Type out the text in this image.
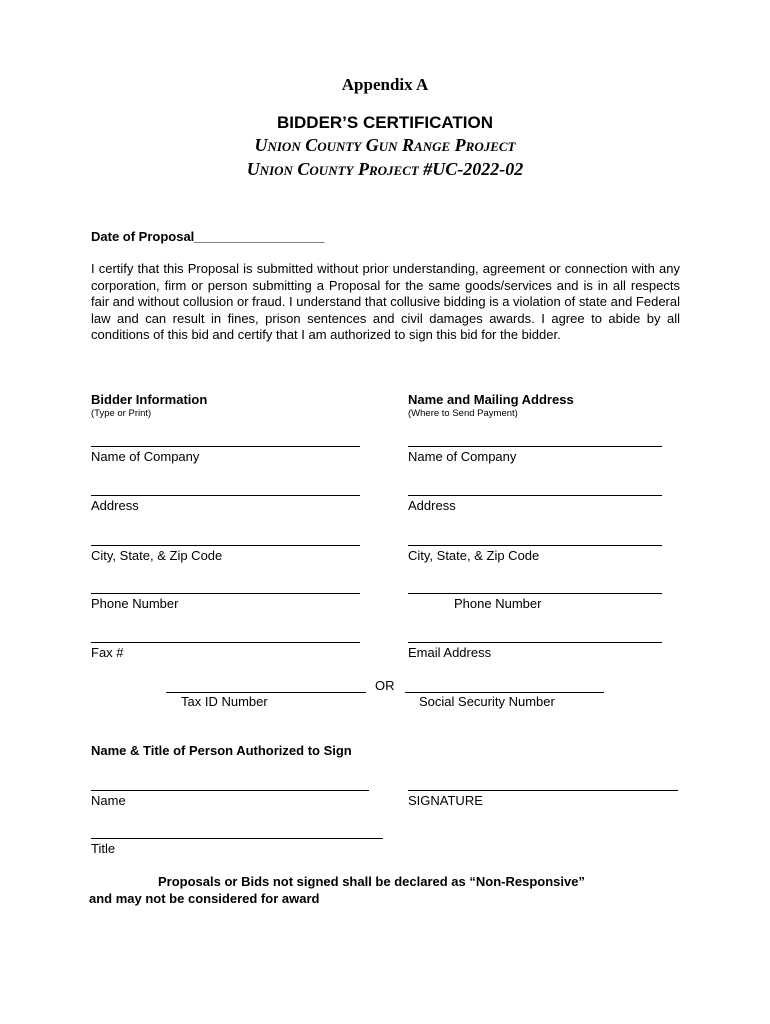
Appendix A
BIDDER’S CERTIFICATION
Union County Gun Range Project
Union County Project #UC-2022-02
Date of Proposal__________________
I certify that this Proposal is submitted without prior understanding, agreement or connection with any corporation, firm or person submitting a Proposal for the same goods/services and is in all respects fair and without collusion or fraud. I understand that collusive bidding is a violation of state and Federal law and can result in fines, prison sentences and civil damages awards. I agree to abide by all conditions of this bid and certify that I am authorized to sign this bid for the bidder.
Bidder Information
(Type or Print)
Name and Mailing Address
(Where to Send Payment)
Name of Company
Address
City, State, & Zip Code
Phone Number
Fax #
Name of Company
Address
City, State, & Zip Code
Phone Number
Email Address
OR
Tax ID Number	Social Security Number
Name & Title of Person Authorized to Sign
Name	SIGNATURE
Title
Proposals or Bids not signed shall be declared as “Non-Responsive”
and may not be considered for award
